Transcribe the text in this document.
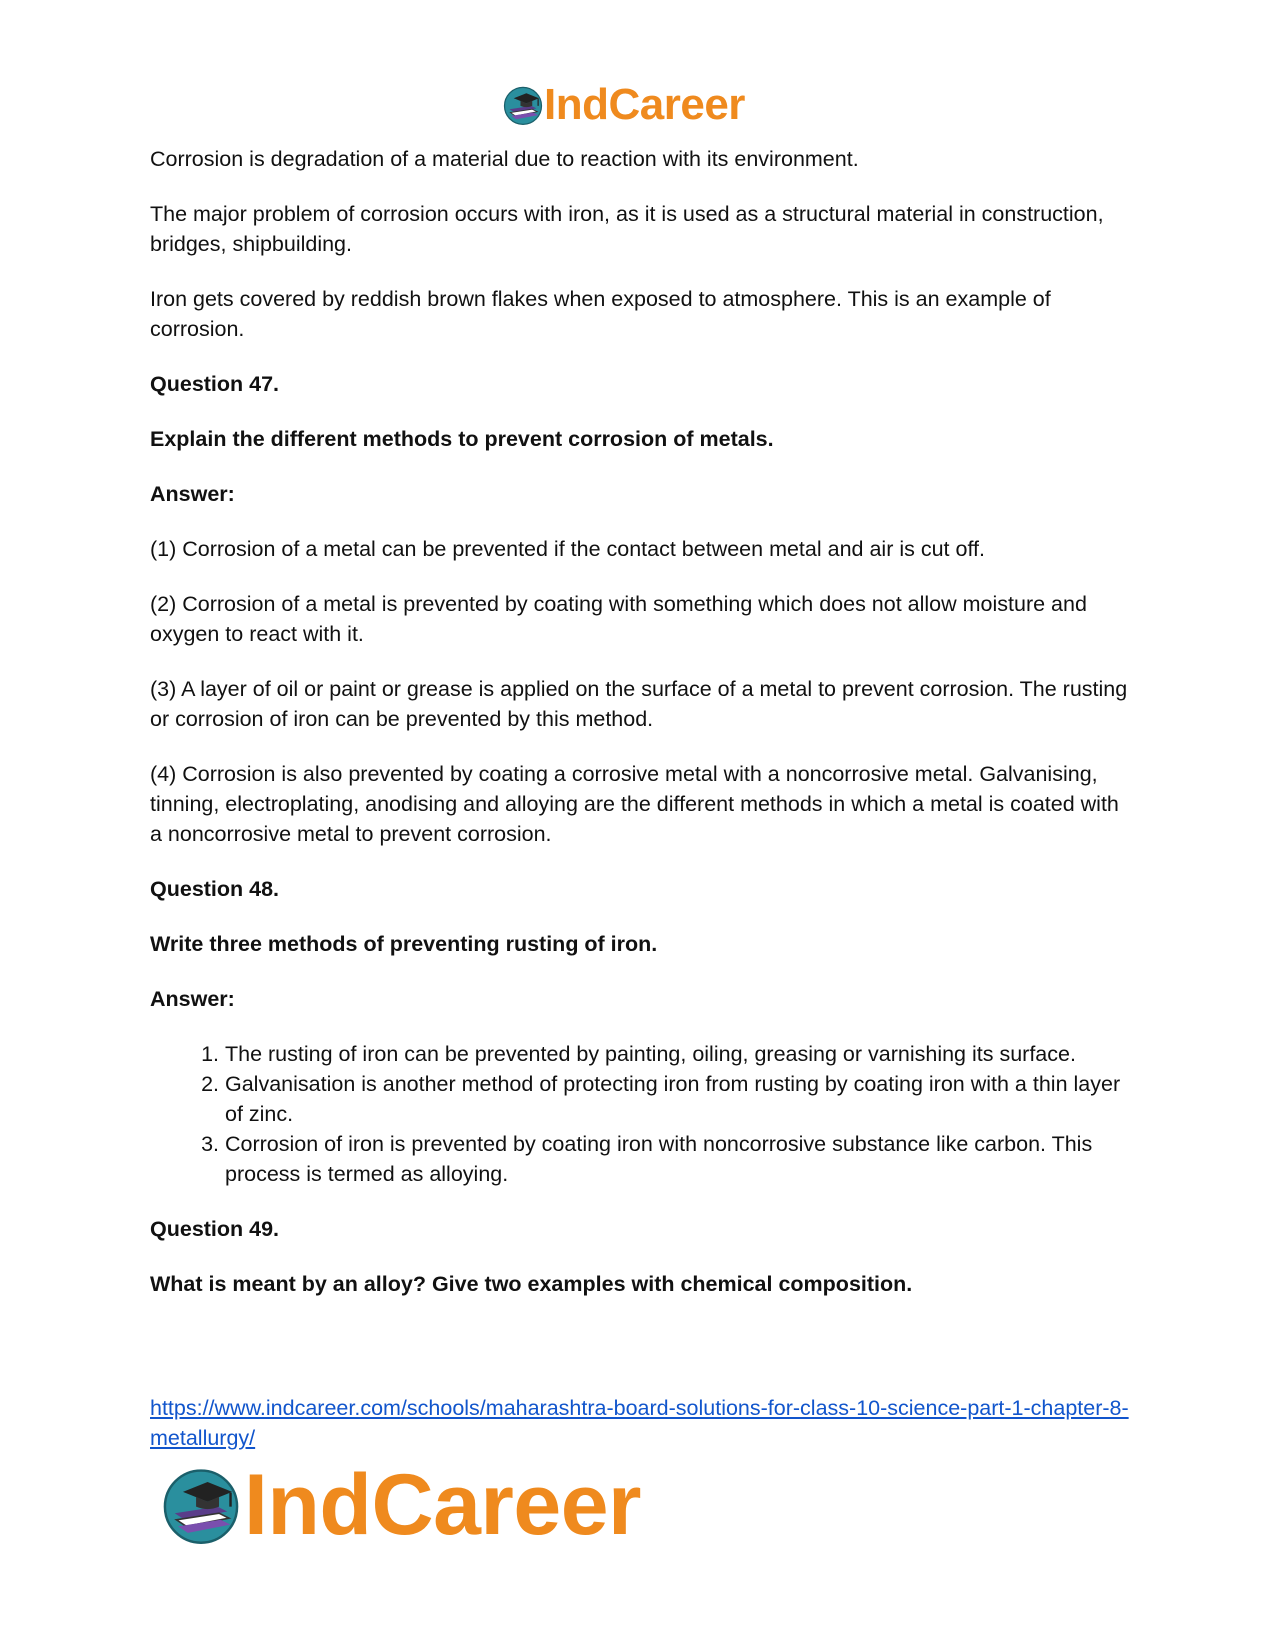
IndCareer

Corrosion is degradation of a material due to reaction with its environment.

The major problem of corrosion occurs with iron, as it is used as a structural material in construction, bridges, shipbuilding.

Iron gets covered by reddish brown flakes when exposed to atmosphere. This is an example of corrosion.

Question 47.

Explain the different methods to prevent corrosion of metals.

Answer:

(1) Corrosion of a metal can be prevented if the contact between metal and air is cut off.

(2) Corrosion of a metal is prevented by coating with something which does not allow moisture and oxygen to react with it.

(3) A layer of oil or paint or grease is applied on the surface of a metal to prevent corrosion. The rusting or corrosion of iron can be prevented by this method.

(4) Corrosion is also prevented by coating a corrosive metal with a noncorrosive metal. Galvanising, tinning, electroplating, anodising and alloying are the different methods in which a metal is coated with a noncorrosive metal to prevent corrosion.

Question 48.

Write three methods of preventing rusting of iron.

Answer:

1. The rusting of iron can be prevented by painting, oiling, greasing or varnishing its surface.
2. Galvanisation is another method of protecting iron from rusting by coating iron with a thin layer of zinc.
3. Corrosion of iron is prevented by coating iron with noncorrosive substance like carbon. This process is termed as alloying.

Question 49.

What is meant by an alloy? Give two examples with chemical composition.

https://www.indcareer.com/schools/maharashtra-board-solutions-for-class-10-science-part-1-chapter-8-metallurgy/
IndCareer
